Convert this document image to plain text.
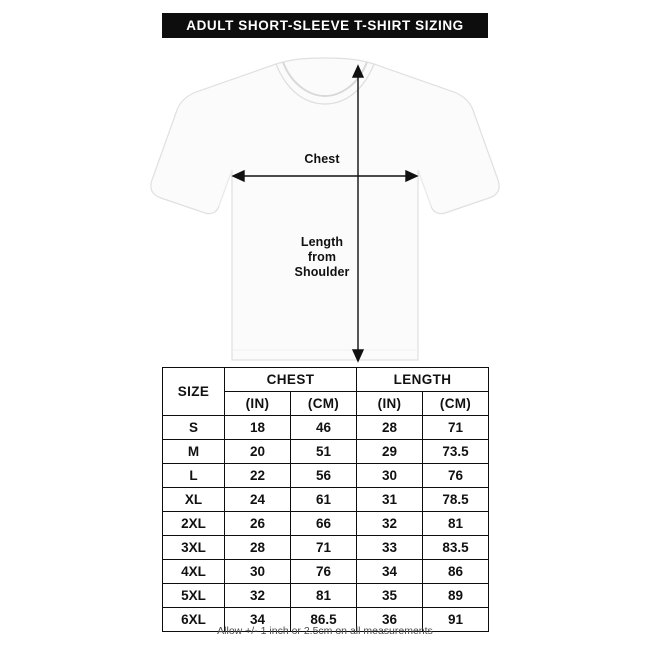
ADULT SHORT-SLEEVE T-SHIRT SIZING
Chest
Length
from
Shoulder
SIZE	CHEST		LENGTH	
	(IN)	(CM)	(IN)	(CM)
S	18	46	28	71
M	20	51	29	73.5
L	22	56	30	76
XL	24	61	31	78.5
2XL	26	66	32	81
3XL	28	71	33	83.5
4XL	30	76	34	86
5XL	32	81	35	89
6XL	34	86.5	36	91
Allow +/- 1 inch or 2.5cm on all measurements
